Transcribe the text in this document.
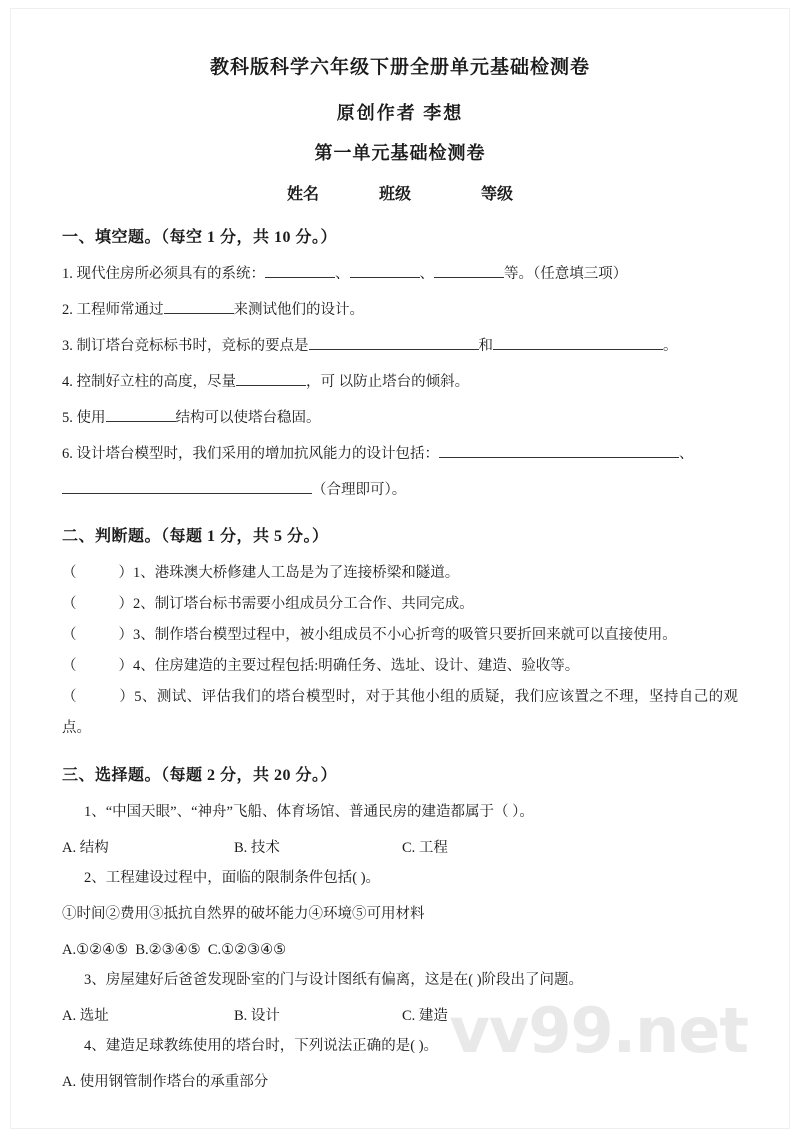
教科版科学六年级下册全册单元基础检测卷
原创作者 李想
第一单元基础检测卷
姓名	班级	等级
一、填空题。（每空 1 分，共 10 分。）
1. 现代住房所必须具有的系统：	、	、	等。（任意填三项）
2. 工程师常通过	来测试他们的设计。
3. 制订塔台竞标标书时，竞标的要点是	和	。
4. 控制好立柱的高度，尽量	，可 以防止塔台的倾斜。
5. 使用	结构可以使塔台稳固。
6. 设计塔台模型时，我们采用的增加抗风能力的设计包括：	、
（合理即可）。
二、判断题。（每题 1 分，共 5 分。）
（	）1、港珠澳大桥修建人工岛是为了连接桥梁和隧道。
（	）2、制订塔台标书需要小组成员分工合作、共同完成。
（	）3、制作塔台模型过程中，被小组成员不小心折弯的吸管只要折回来就可以直接使用。
（	）4、住房建造的主要过程包括:明确任务、选址、设计、建造、验收等。
（	）5、测试、评估我们的塔台模型时，对于其他小组的质疑，我们应该置之不理，坚持自己的观点。
三、选择题。（每题 2 分，共 20 分。）
1、“中国天眼”、“神舟”飞船、体育场馆、普通民房的建造都属于（ ）。
A. 结构	B. 技术	C. 工程
2、工程建设过程中，面临的限制条件包括( )。
①时间②费用③抵抗自然界的破坏能力④环境⑤可用材料
A.①②④⑤ B.②③④⑤ C.①②③④⑤
3、房屋建好后爸爸发现卧室的门与设计图纸有偏离，这是在( )阶段出了问题。
A. 选址	B. 设计	C. 建造
4、建造足球教练使用的塔台时，下列说法正确的是( )。
A. 使用钢管制作塔台的承重部分
vv99.net
